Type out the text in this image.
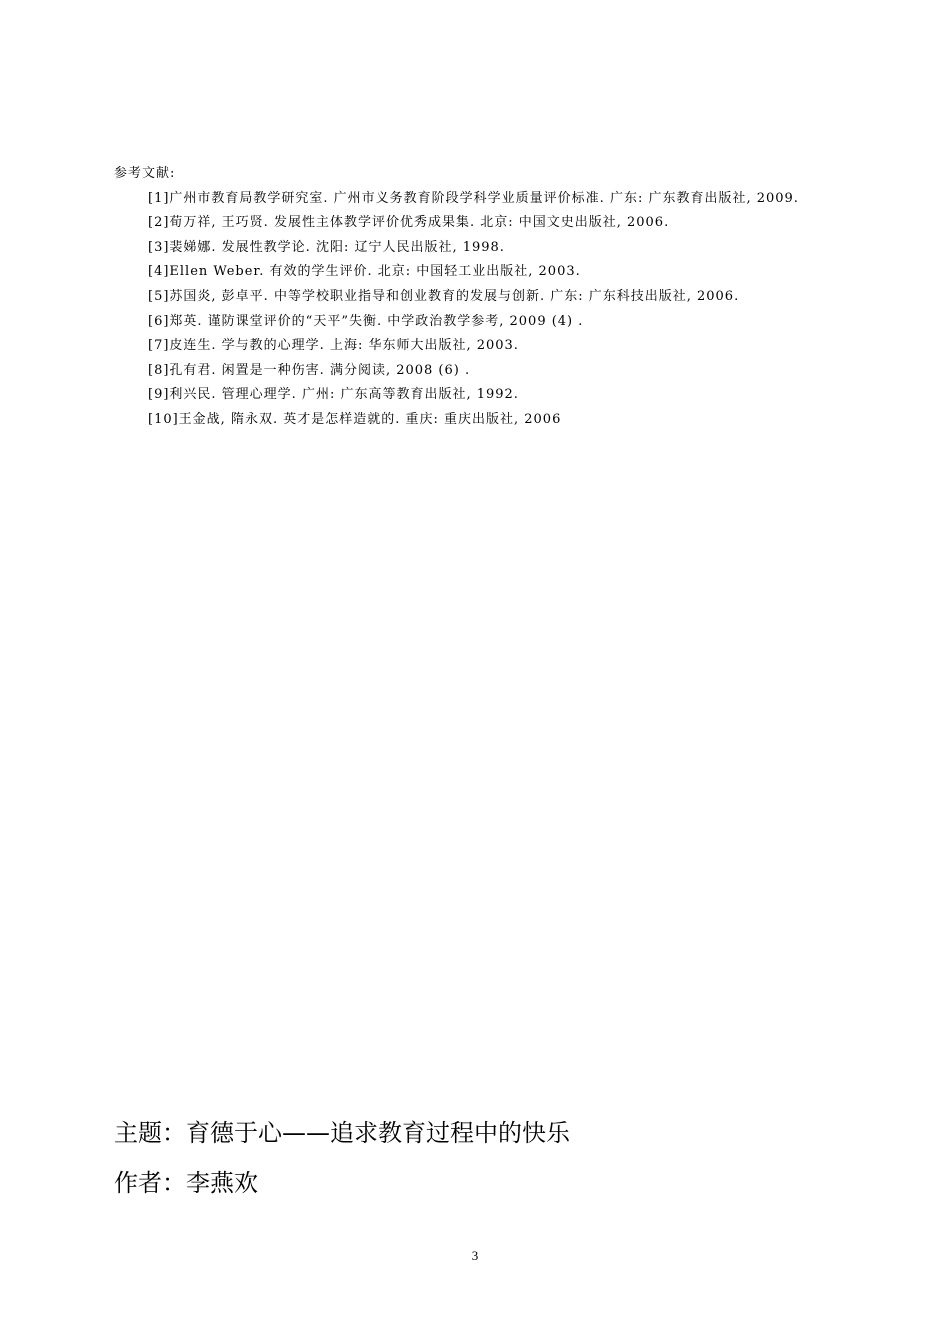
参考文献:

[1]广州市教育局教学研究室. 广州市义务教育阶段学科学业质量评价标准. 广东: 广东教育出版社, 2009.

[2]荀万祥, 王巧贤. 发展性主体教学评价优秀成果集. 北京: 中国文史出版社, 2006.

[3]裴娣娜. 发展性教学论. 沈阳: 辽宁人民出版社, 1998.

[4]Ellen Weber. 有效的学生评价. 北京: 中国轻工业出版社, 2003.

[5]苏国炎, 彭卓平. 中等学校职业指导和创业教育的发展与创新. 广东: 广东科技出版社, 2006.

[6]郑英. 谨防课堂评价的“天平”失衡. 中学政治教学参考, 2009 (4) .

[7]皮连生. 学与教的心理学. 上海: 华东师大出版社, 2003.

[8]孔有君. 闲置是一种伤害. 满分阅读, 2008 (6) .

[9]利兴民. 管理心理学. 广州: 广东高等教育出版社, 1992.

[10]王金战, 隋永双. 英才是怎样造就的. 重庆: 重庆出版社, 2006

主题：育德于心——追求教育过程中的快乐
作者：李燕欢
3
